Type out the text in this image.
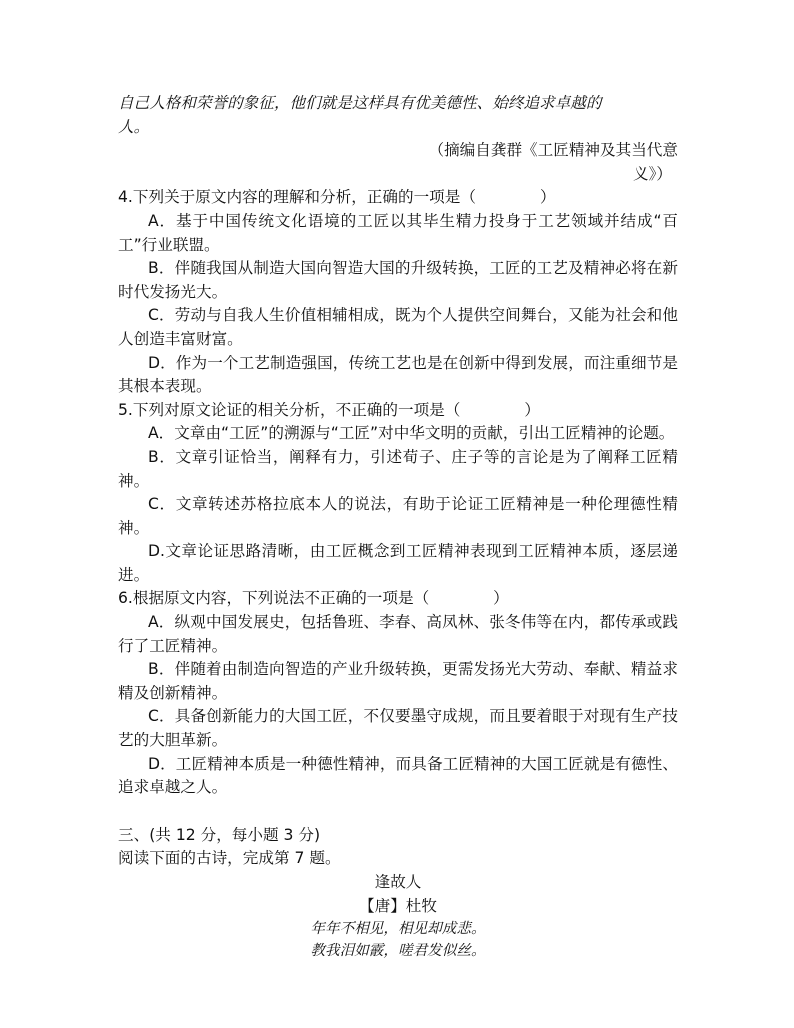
自己人格和荣誉的象征，他们就是这样具有优美德性、始终追求卓越的

人。

（摘编自龚群《工匠精神及其当代意

义》）

4.下列关于原文内容的理解和分析，正确的一项是（	）

A．基于中国传统文化语境的工匠以其毕生精力投身于工艺领域并结成“百工”行业联盟。

B．伴随我国从制造大国向智造大国的升级转换，工匠的工艺及精神必将在新时代发扬光大。

C．劳动与自我人生价值相辅相成，既为个人提供空间舞台，又能为社会和他人创造丰富财富。

D．作为一个工艺制造强国，传统工艺也是在创新中得到发展，而注重细节是其根本表现。

5.下列对原文论证的相关分析，不正确的一项是（	）

A．文章由“工匠”的溯源与“工匠”对中华文明的贡献，引出工匠精神的论题。

B．文章引证恰当，阐释有力，引述荀子、庄子等的言论是为了阐释工匠精神。

C．文章转述苏格拉底本人的说法，有助于论证工匠精神是一种伦理德性精神。

D.文章论证思路清晰，由工匠概念到工匠精神表现到工匠精神本质，逐层递进。

6.根据原文内容，下列说法不正确的一项是（	）

A．纵观中国发展史，包括鲁班、李春、高凤林、张冬伟等在内，都传承或践行了工匠精神。

B．伴随着由制造向智造的产业升级转换，更需发扬光大劳动、奉献、精益求精及创新精神。

C．具备创新能力的大国工匠，不仅要墨守成规，而且要着眼于对现有生产技艺的大胆革新。

D．工匠精神本质是一种德性精神，而具备工匠精神的大国工匠就是有德性、追求卓越之人。

三、(共 12 分，每小题 3 分)

阅读下面的古诗，完成第 7 题。

逢故人

【唐】杜牧

年年不相见，相见却成悲。

教我泪如霰，嗟君发似丝。
